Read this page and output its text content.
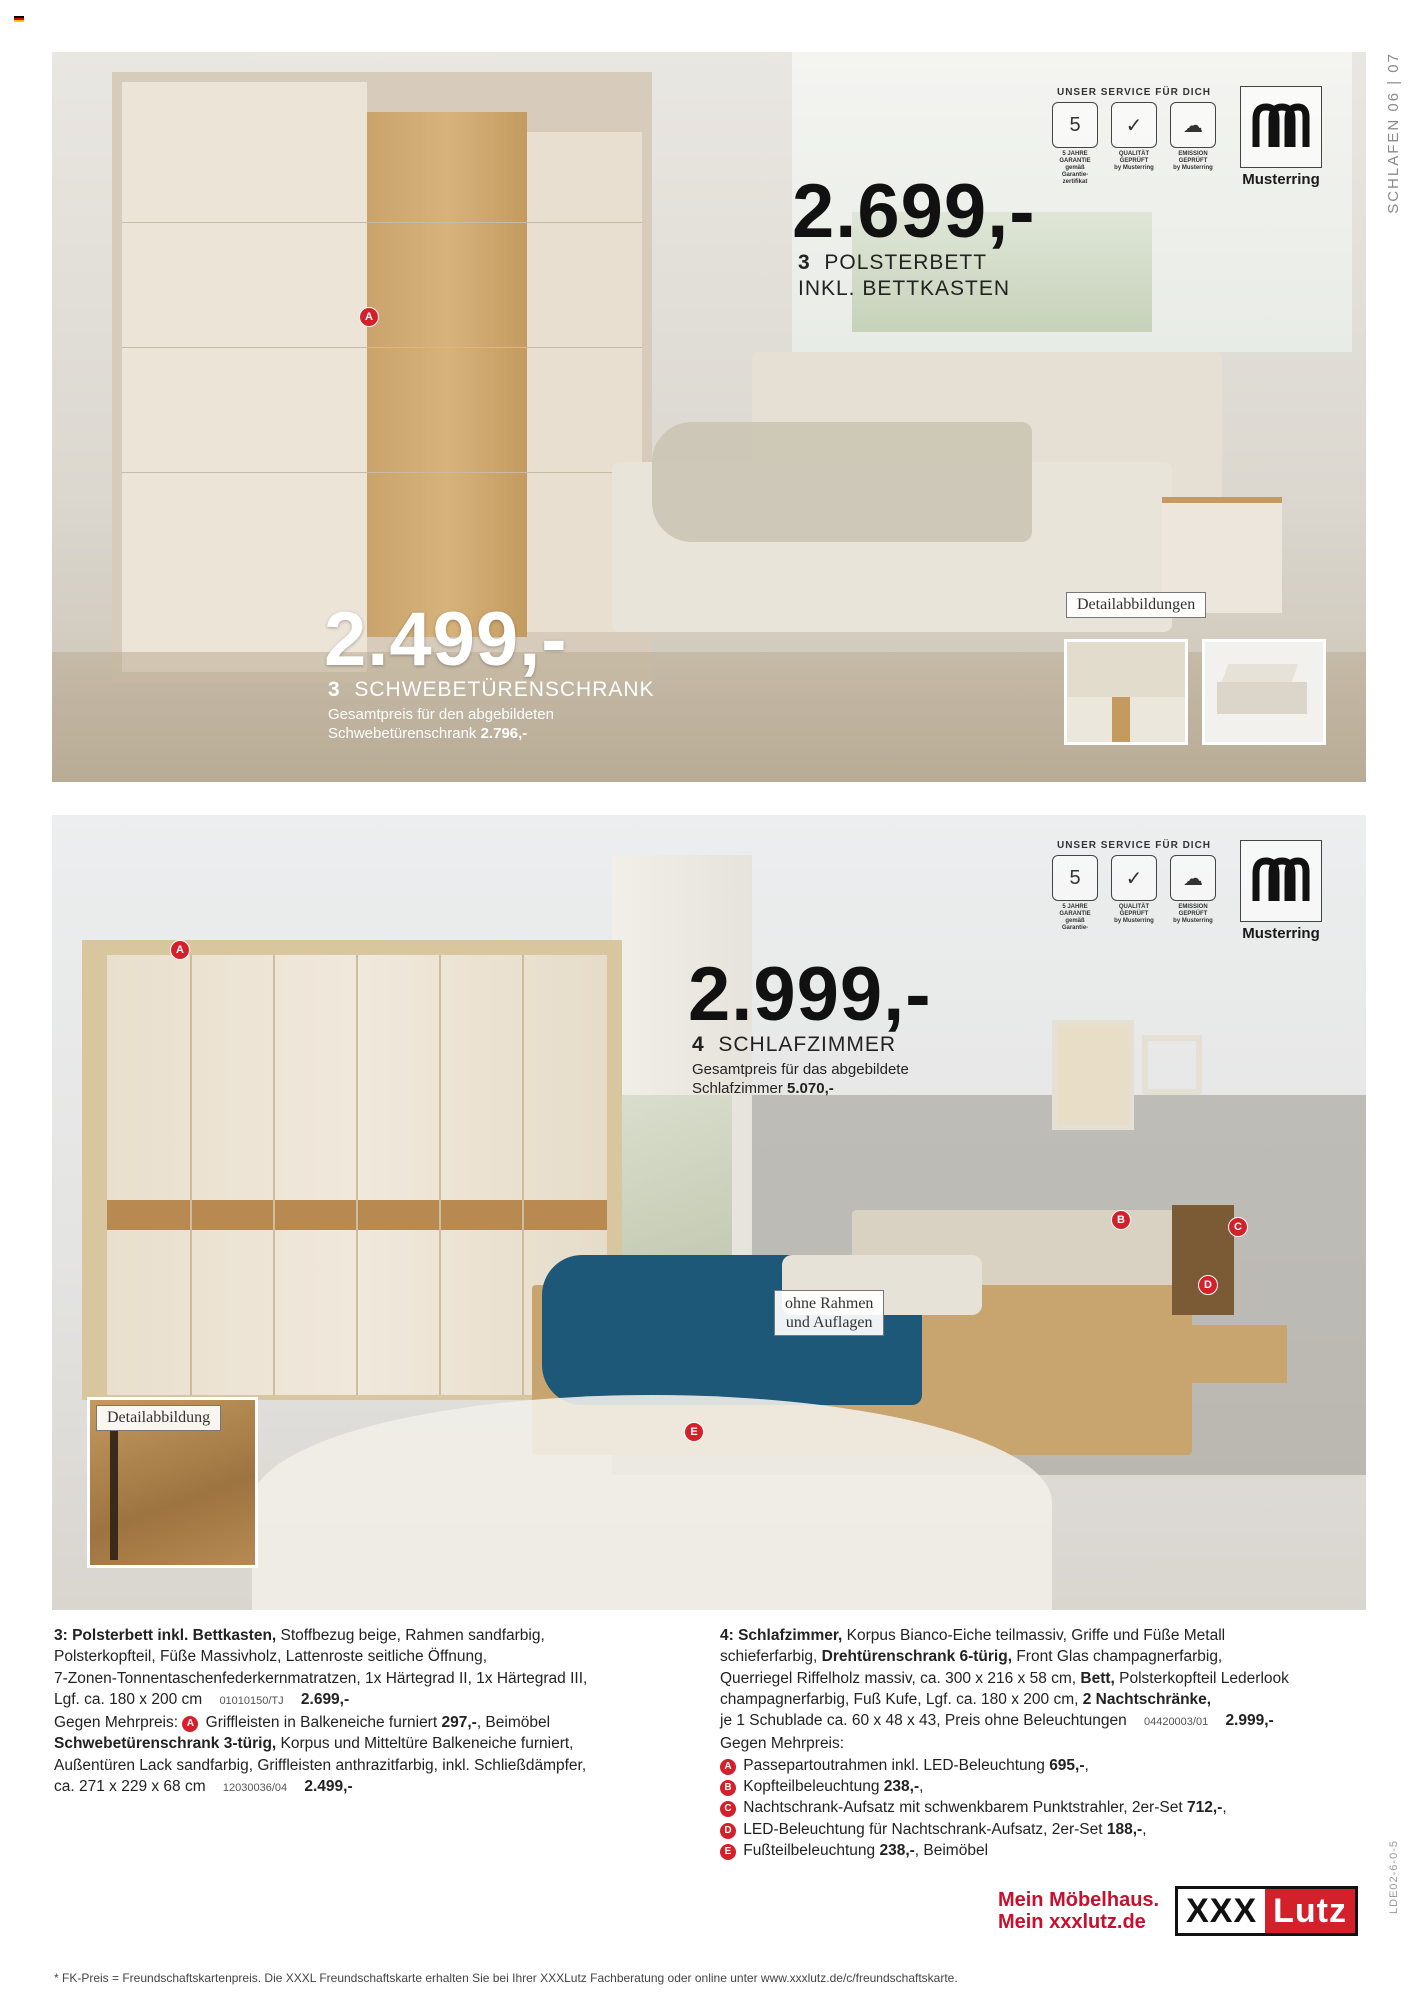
SCHLAFEN 06 | 07
LDE02-6-0-5
A
UNSER SERVICE FÜR DICH
5
5 JAHRE
GARANTIE
gemäß Garantie-
zertifikat
✓
QUALITÄT
GEPRÜFT
by Musterring
☁
EMISSION
GEPRÜFT
by Musterring
Musterring
2.699,-
3 POLSTERBETT
INKL. BETTKASTEN
2.499,-
3 SCHWEBETÜRENSCHRANK
Gesamtpreis für den abgebildeten
Schwebetürenschrank 2.796,-
Detailabbildungen
A
B
C
D
E
UNSER SERVICE FÜR DICH
5
5 JAHRE
GARANTIE
gemäß Garantie-
✓
QUALITÄT
GEPRÜFT
by Musterring
☁
EMISSION
GEPRÜFT
by Musterring
Musterring
2.999,-
4 SCHLAFZIMMER
Gesamtpreis für das abgebildete
Schlafzimmer 5.070,-
ohne Rahmen
und Auflagen
Detailabbildung
3: Polsterbett inkl. Bettkasten, Stoffbezug beige, Rahmen sandfarbig,
Polsterkopfteil, Füße Massivholz, Lattenroste seitliche Öffnung,
7-Zonen-Tonnentaschenfederkernmatratzen, 1x Härtegrad II, 1x Härtegrad III,
Lgf. ca. 180 x 200 cm 01010150/TJ 2.699,-
Gegen Mehrpreis: A Griffleisten in Balkeneiche furniert 297,-, Beimöbel
Schwebetürenschrank 3-türig, Korpus und Mitteltüre Balkeneiche furniert,
Außentüren Lack sandfarbig, Griffleisten anthrazitfarbig, inkl. Schließdämpfer,
ca. 271 x 229 x 68 cm 12030036/04 2.499,-
4: Schlafzimmer, Korpus Bianco-Eiche teilmassiv, Griffe und Füße Metall
schieferfarbig, Drehtürenschrank 6-türig, Front Glas champagnerfarbig,
Querriegel Riffelholz massiv, ca. 300 x 216 x 58 cm, Bett, Polsterkopfteil Lederlook
champagnerfarbig, Fuß Kufe, Lgf. ca. 180 x 200 cm, 2 Nachtschränke,
je 1 Schublade ca. 60 x 48 x 43, Preis ohne Beleuchtungen 04420003/01 2.999,-
Gegen Mehrpreis:
A Passepartoutrahmen inkl. LED-Beleuchtung 695,-,
B Kopfteilbeleuchtung 238,-,
C Nachtschrank-Aufsatz mit schwenkbarem Punktstrahler, 2er-Set 712,-,
D LED-Beleuchtung für Nachtschrank-Aufsatz, 2er-Set 188,-,
E Fußteilbeleuchtung 238,-, Beimöbel
Mein Möbelhaus.
Mein xxxlutz.de	XXX Lutz
* FK-Preis = Freundschaftskartenpreis. Die XXXL Freundschaftskarte erhalten Sie bei Ihrer XXXLutz Fachberatung oder online unter www.xxxlutz.de/c/freundschaftskarte.
